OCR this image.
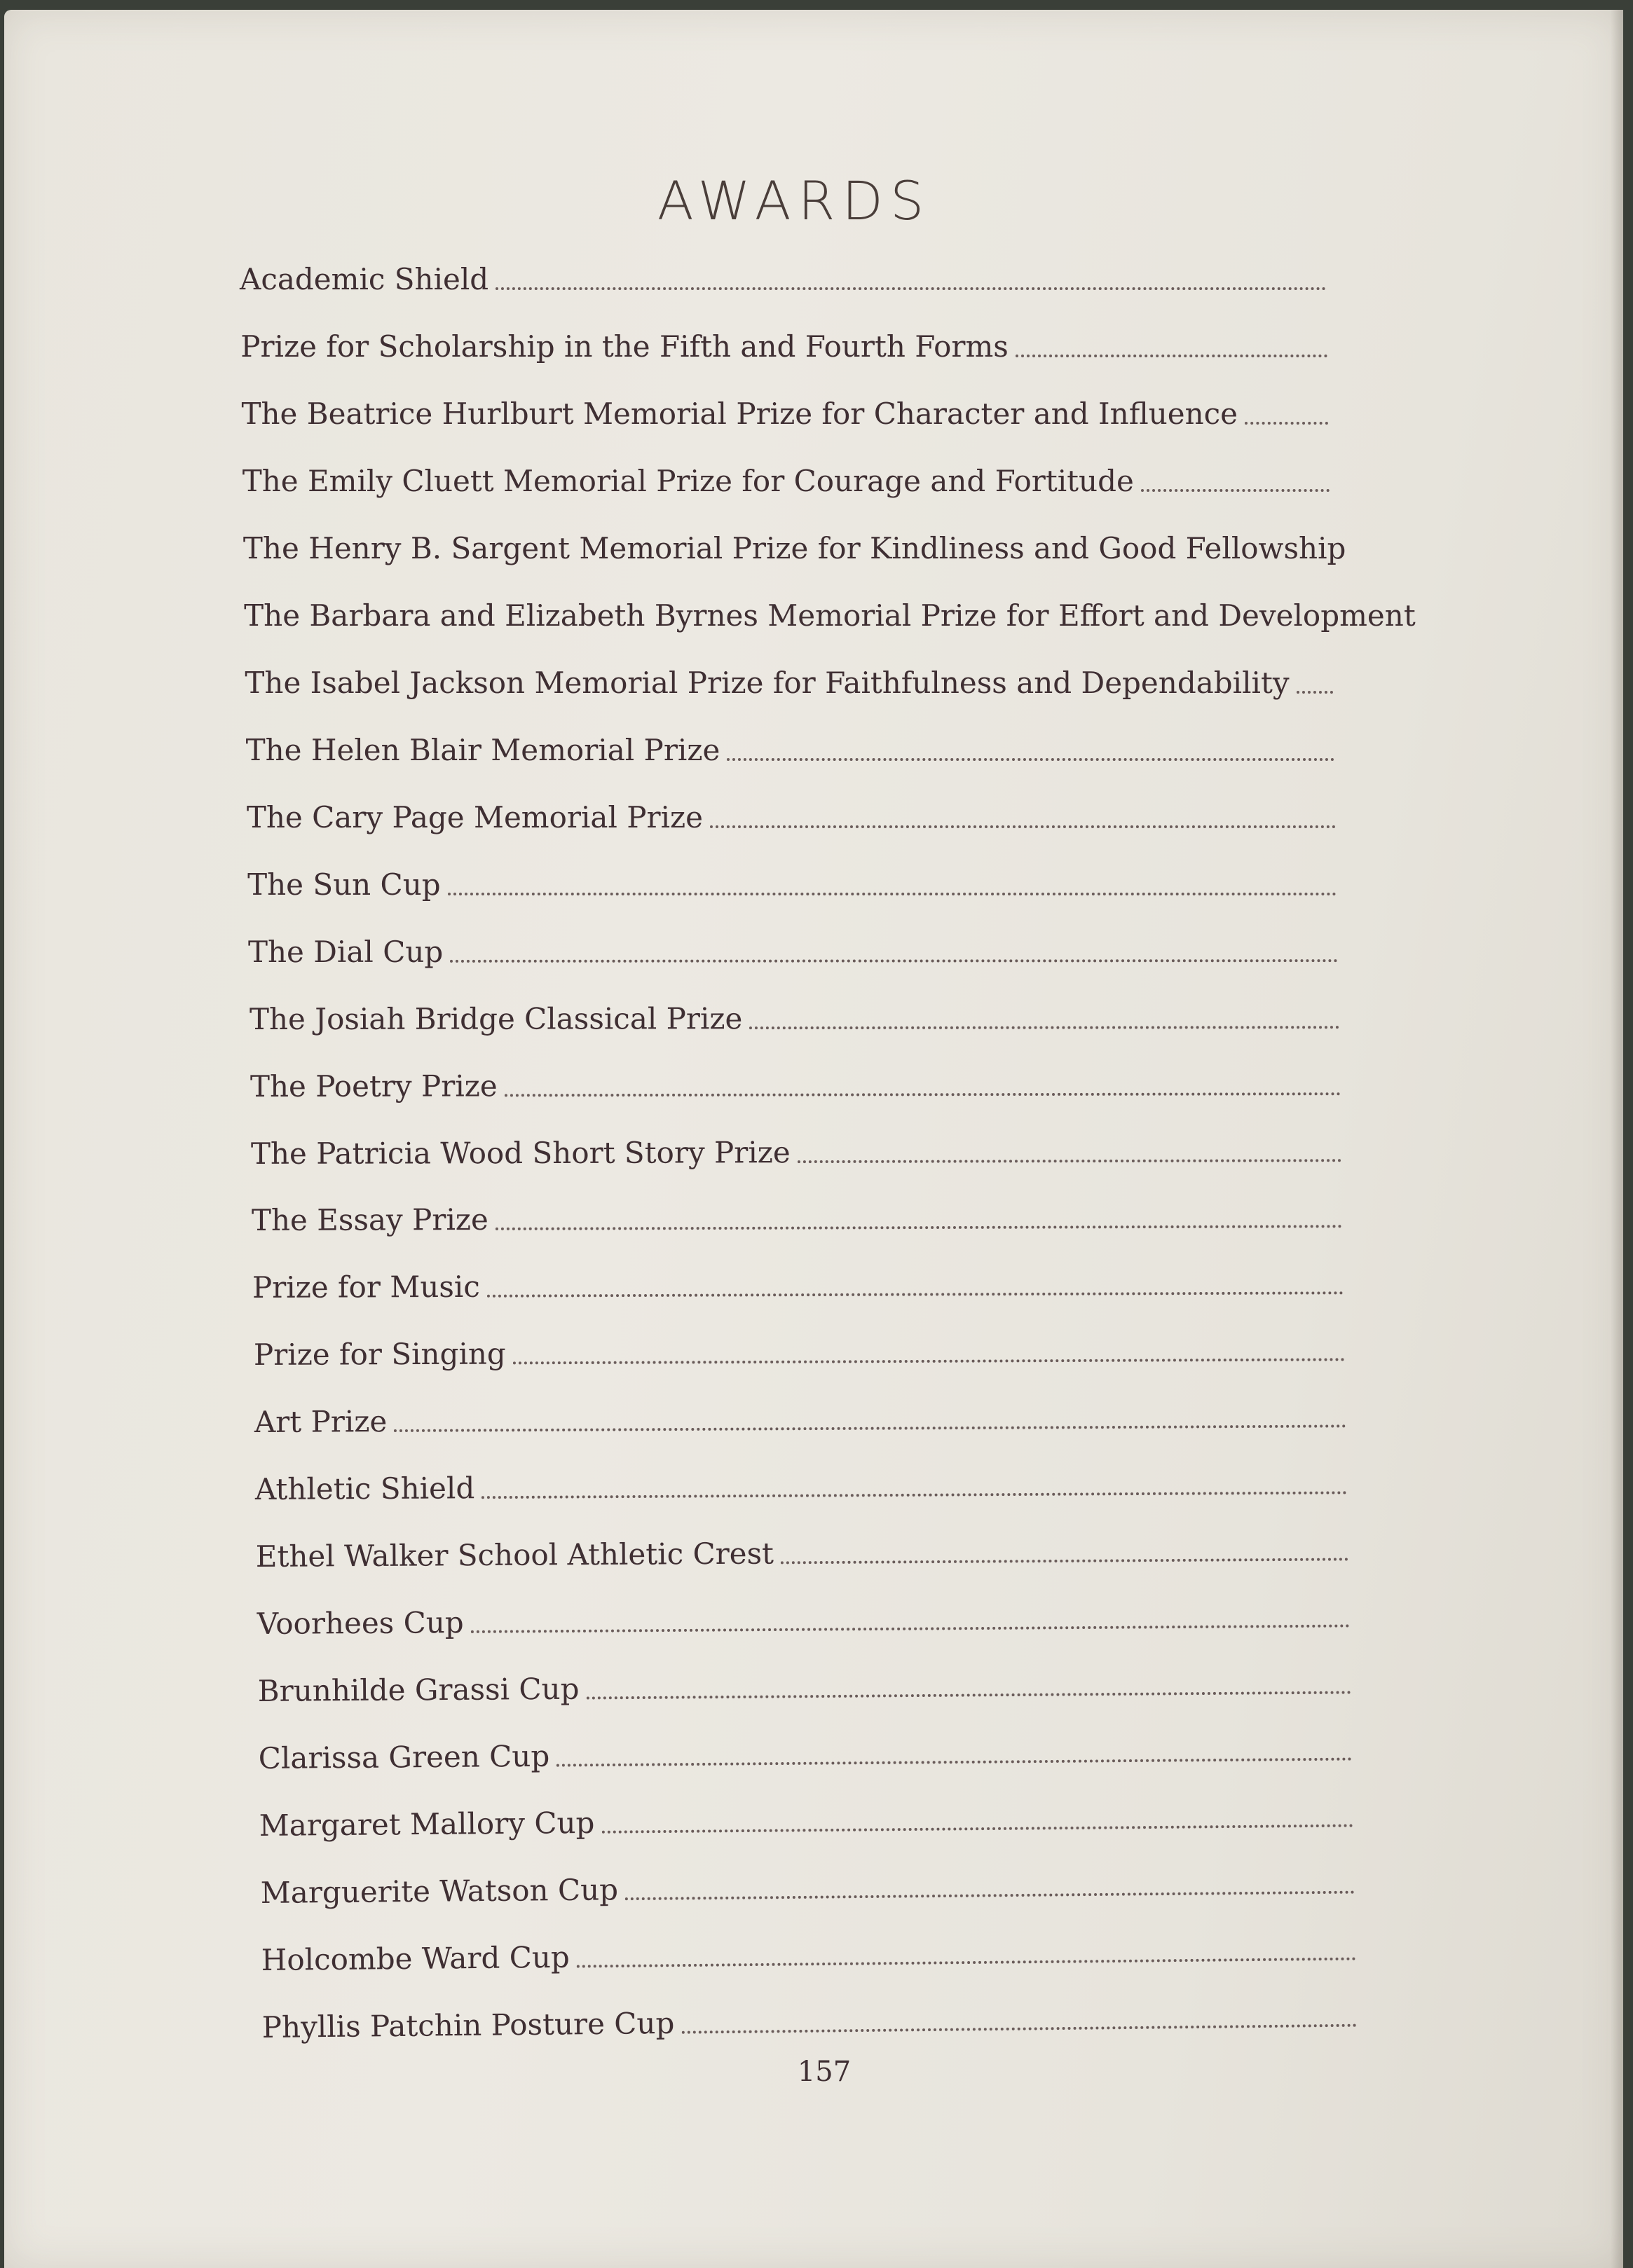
AWARDS
Academic Shield
Prize for Scholarship in the Fifth and Fourth Forms
The Beatrice Hurlburt Memorial Prize for Character and Influence
The Emily Cluett Memorial Prize for Courage and Fortitude
The Henry B. Sargent Memorial Prize for Kindliness and Good Fellowship
The Barbara and Elizabeth Byrnes Memorial Prize for Effort and Development
The Isabel Jackson Memorial Prize for Faithfulness and Dependability
The Helen Blair Memorial Prize
The Cary Page Memorial Prize
The Sun Cup
The Dial Cup
The Josiah Bridge Classical Prize
The Poetry Prize
The Patricia Wood Short Story Prize
The Essay Prize
Prize for Music
Prize for Singing
Art Prize
Athletic Shield
Ethel Walker School Athletic Crest
Voorhees Cup
Brunhilde Grassi Cup
Clarissa Green Cup
Margaret Mallory Cup
Marguerite Watson Cup
Holcombe Ward Cup
Phyllis Patchin Posture Cup
157
